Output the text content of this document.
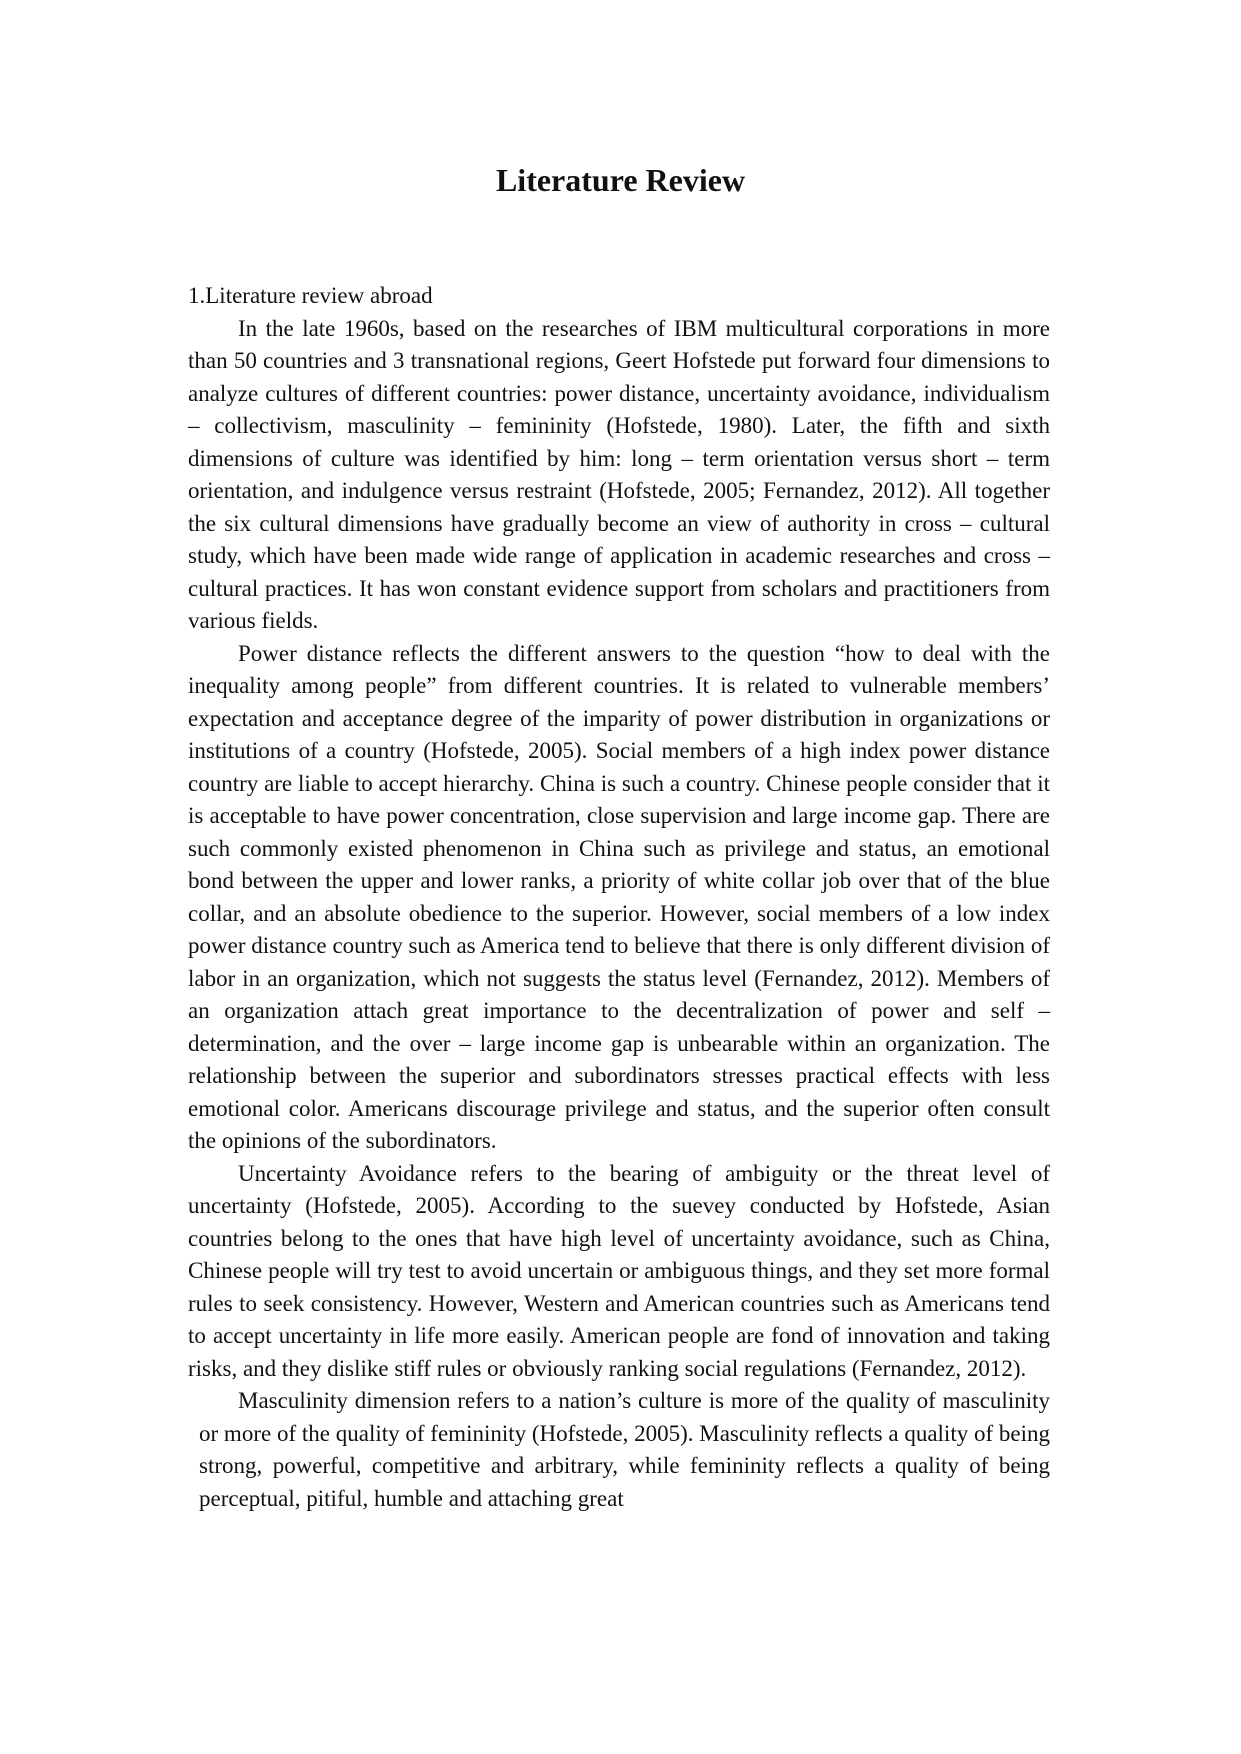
Literature Review

1.Literature review abroad

In the late 1960s, based on the researches of IBM multicultural corporations in more than 50 countries and 3 transnational regions, Geert Hofstede put forward four dimensions to analyze cultures of different countries: power distance, uncertainty avoidance, individualism – collectivism, masculinity – femininity (Hofstede, 1980). Later, the fifth and sixth dimensions of culture was identified by him: long – term orientation versus short – term orientation, and indulgence versus restraint (Hofstede, 2005; Fernandez, 2012). All together the six cultural dimensions have gradually become an view of authority in cross – cultural study, which have been made wide range of application in academic researches and cross – cultural practices. It has won constant evidence support from scholars and practitioners from various fields.

Power distance reflects the different answers to the question “how to deal with the inequality among people” from different countries. It is related to vulnerable members’ expectation and acceptance degree of the imparity of power distribution in organizations or institutions of a country (Hofstede, 2005). Social members of a high index power distance country are liable to accept hierarchy. China is such a country. Chinese people consider that it is acceptable to have power concentration, close supervision and large income gap. There are such commonly existed phenomenon in China such as privilege and status, an emotional bond between the upper and lower ranks, a priority of white collar job over that of the blue collar, and an absolute obedience to the superior. However, social members of a low index power distance country such as America tend to believe that there is only different division of labor in an organization, which not suggests the status level (Fernandez, 2012). Members of an organization attach great importance to the decentralization of power and self – determination, and the over – large income gap is unbearable within an organization. The relationship between the superior and subordinators stresses practical effects with less emotional color. Americans discourage privilege and status, and the superior often consult the opinions of the subordinators.

Uncertainty Avoidance refers to the bearing of ambiguity or the threat level of uncertainty (Hofstede, 2005). According to the suevey conducted by Hofstede, Asian countries belong to the ones that have high level of uncertainty avoidance, such as China, Chinese people will try test to avoid uncertain or ambiguous things, and they set more formal rules to seek consistency. However, Western and American countries such as Americans tend to accept uncertainty in life more easily. American people are fond of innovation and taking risks, and they dislike stiff rules or obviously ranking social regulations (Fernandez, 2012).

Masculinity dimension refers to a nation’s culture is more of the quality of masculinity or more of the quality of femininity (Hofstede, 2005). Masculinity reflects a quality of being strong, powerful, competitive and arbitrary, while femininity reflects a quality of being perceptual, pitiful, humble and attaching great
